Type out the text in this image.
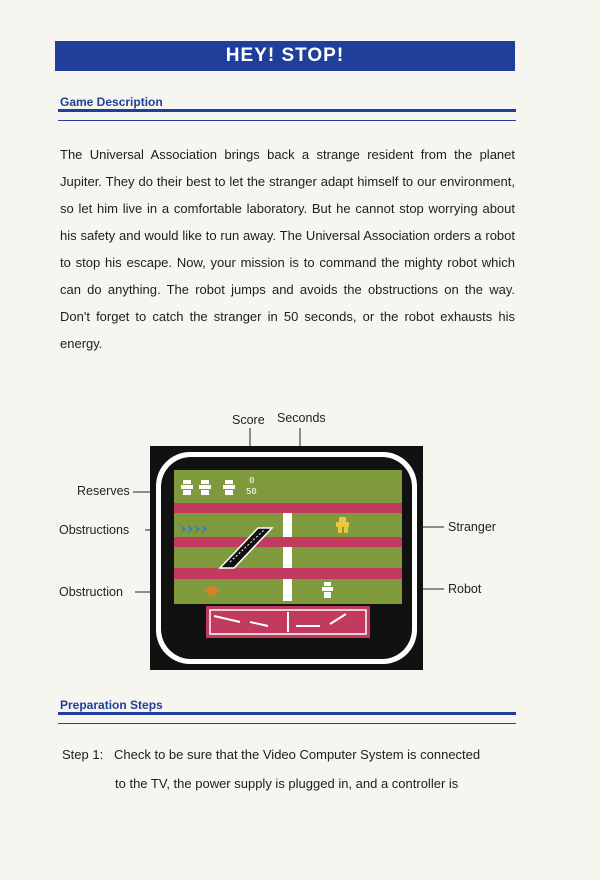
HEY! STOP!
Game Description
The Universal Association brings back a strange resident from the planet Jupiter. They do their best to let the stranger adapt himself to our environment, so let him live in a comfortable laboratory. But he cannot stop worrying about his safety and would like to run away. The Universal Association orders a robot to stop his escape. Now, your mission is to command the mighty robot which can do anything. The robot jumps and avoids the obstructions on the way. Don't forget to catch the stranger in 50 seconds, or the robot exhausts his energy.
Score Seconds
Reserves
Obstructions
Obstruction
Stranger
Robot
0
50
Preparation Steps
Step 1: Check to be sure that the Video Computer System is connected
to the TV, the power supply is plugged in, and a controller is
